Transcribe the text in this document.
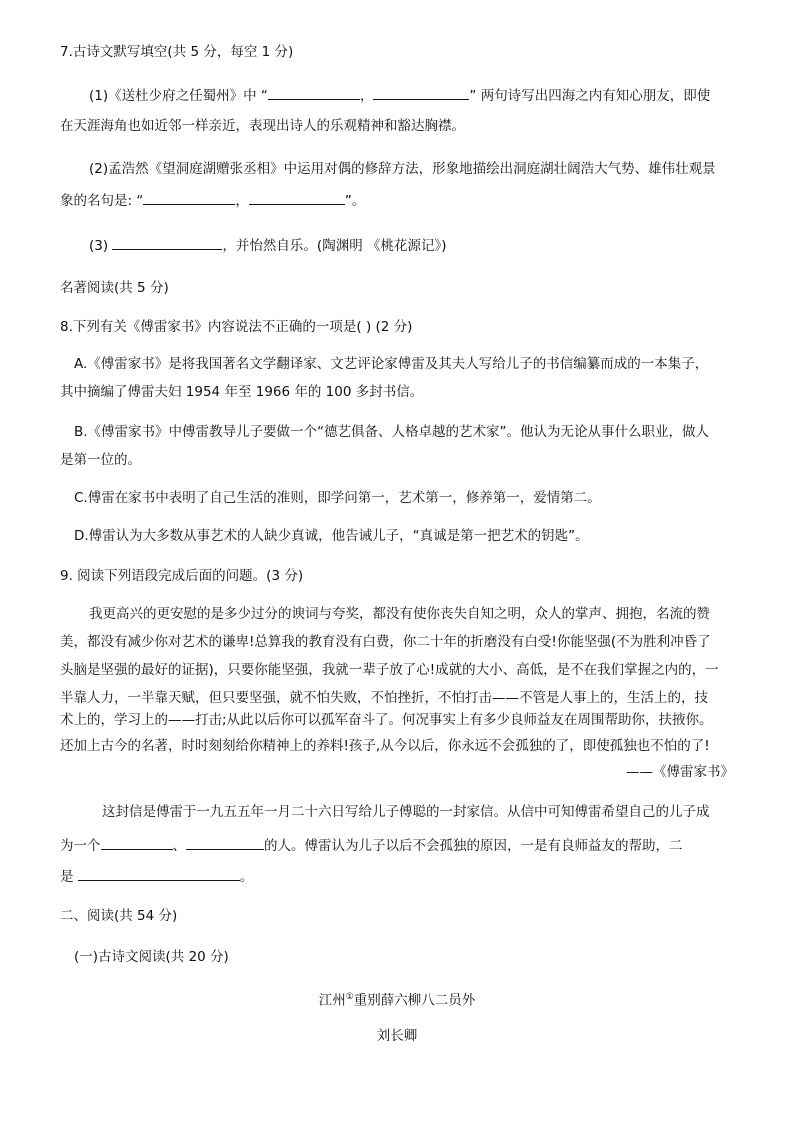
7.古诗文默写填空(共 5 分，每空 1 分)
(1)《送杜少府之任蜀州》中 “	，	” 两句诗写出四海之内有知心朋友，即使
在天涯海角也如近邻一样亲近，表现出诗人的乐观精神和豁达胸襟。
(2)孟浩然《望洞庭湖赠张丞相》中运用对偶的修辞方法，形象地描绘出洞庭湖壮阔浩大气势、雄伟壮观景
象的名句是: “	，	”。
(3)	，并怡然自乐。(陶渊明 《桃花源记》)
名著阅读(共 5 分)
8.下列有关《傅雷家书》内容说法不正确的一项是( ) (2 分)
A.《傅雷家书》是将我国著名文学翻译家、文艺评论家傅雷及其夫人写给儿子的书信编纂而成的一本集子，
其中摘编了傅雷夫妇 1954 年至 1966 年的 100 多封书信。
B.《傅雷家书》中傅雷教导儿子要做一个“德艺俱备、人格卓越的艺术家”。他认为无论从事什么职业，做人
是第一位的。
C.傅雷在家书中表明了自己生活的准则，即学问第一，艺术第一，修养第一，爱情第二。
D.傅雷认为大多数从事艺术的人缺少真诚，他告诫儿子，“真诚是第一把艺术的钥匙”。
9. 阅读下列语段完成后面的问题。(3 分)
我更高兴的更安慰的是多少过分的谀词与夸奖，都没有使你丧失自知之明，众人的掌声、拥抱，名流的赞
美，都没有减少你对艺术的谦卑!总算我的教育没有白费，你二十年的折磨没有白受!你能坚强(不为胜利冲昏了
头脑是坚强的最好的证据)，只要你能坚强，我就一辈子放了心!成就的大小、高低，是不在我们掌握之内的，一
半靠人力，一半靠天赋，但只要坚强，就不怕失败，不怕挫折，不怕打击——不管是人事上的，生活上的，技
术上的，学习上的——打击;从此以后你可以孤军奋斗了。何况事实上有多少良师益友在周围帮助你，扶掖你。
还加上古今的名著，时时刻刻给你精神上的养料!孩子,从今以后，你永远不会孤独的了，即使孤独也不怕的了!
——《傅雷家书》
这封信是傅雷于一九五五年一月二十六日写给儿子傅聪的一封家信。从信中可知傅雷希望自己的儿子成
为一个	、	的人。傅雷认为儿子以后不会孤独的原因，一是有良师益友的帮助，二
是	。
二、阅读(共 54 分)
(一)古诗文阅读(共 20 分)
江州①重别薛六柳八二员外
刘长卿
